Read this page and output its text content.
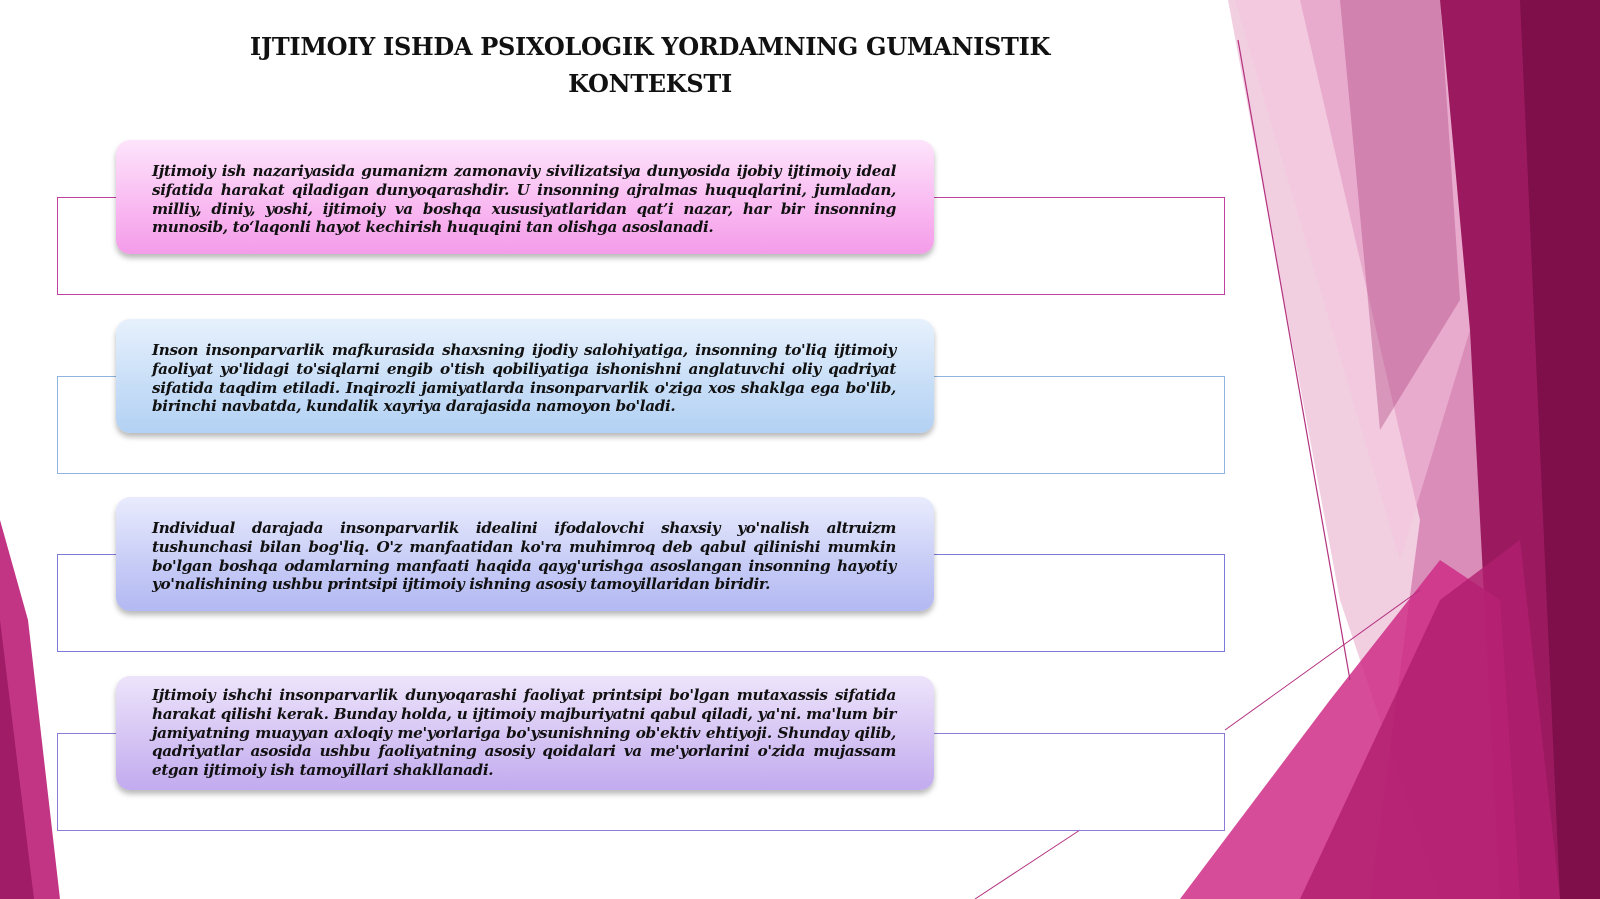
IJTIMOIY ISHDA PSIXOLOGIK YORDAMNING GUMANISTIK KONTEKSTI

Ijtimoiy ish nazariyasida gumanizm zamonaviy sivilizatsiya dunyosida ijobiy ijtimoiy ideal sifatida harakat qiladigan dunyoqarashdir. U insonning ajralmas huquqlarini, jumladan, milliy, diniy, yoshi, ijtimoiy va boshqa xususiyatlaridan qat’i nazar, har bir insonning munosib, to‘laqonli hayot kechirish huquqini tan olishga asoslanadi.

Inson insonparvarlik mafkurasida shaxsning ijodiy salohiyatiga, insonning to'liq ijtimoiy faoliyat yo'lidagi to'siqlarni engib o'tish qobiliyatiga ishonishni anglatuvchi oliy qadriyat sifatida taqdim etiladi. Inqirozli jamiyatlarda insonparvarlik o'ziga xos shaklga ega bo'lib, birinchi navbatda, kundalik xayriya darajasida namoyon bo'ladi.

Individual darajada insonparvarlik idealini ifodalovchi shaxsiy yo'nalish altruizm tushunchasi bilan bog'liq. O'z manfaatidan ko'ra muhimroq deb qabul qilinishi mumkin bo'lgan boshqa odamlarning manfaati haqida qayg'urishga asoslangan insonning hayotiy yo'nalishining ushbu printsipi ijtimoiy ishning asosiy tamoyillaridan biridir.

Ijtimoiy ishchi insonparvarlik dunyoqarashi faoliyat printsipi bo'lgan mutaxassis sifatida harakat qilishi kerak. Bunday holda, u ijtimoiy majburiyatni qabul qiladi, ya'ni. ma'lum bir jamiyatning muayyan axloqiy me'yorlariga bo'ysunishning ob'ektiv ehtiyoji. Shunday qilib, qadriyatlar asosida ushbu faoliyatning asosiy qoidalari va me'yorlarini o'zida mujassam etgan ijtimoiy ish tamoyillari shakllanadi.
